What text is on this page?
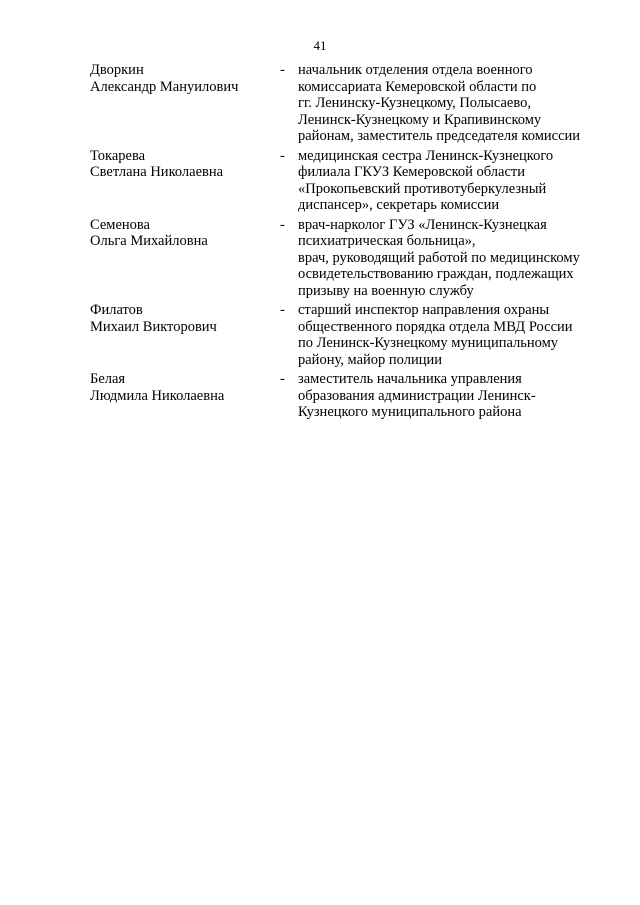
41
Дворкин
Александр Мануилович
- начальник отделения отдела военного
комиссариата Кемеровской области по
гг. Ленинску-Кузнецкому, Полысаево,
Ленинск-Кузнецкому и Крапивинскому
районам, заместитель председателя комиссии
Токарева
Светлана Николаевна
- медицинская сестра Ленинск-Кузнецкого
филиала ГКУЗ Кемеровской области
«Прокопьевский противотуберкулезный
диспансер», секретарь комиссии
Семенова
Ольга Михайловна
- врач-нарколог ГУЗ «Ленинск-Кузнецкая
психиатрическая больница»,
врач, руководящий работой по медицинскому
освидетельствованию граждан, подлежащих
призыву на военную службу
Филатов
Михаил Викторович
- старший инспектор направления охраны
общественного порядка отдела МВД России
по Ленинск-Кузнецкому муниципальному
району, майор полиции
Белая
Людмила Николаевна
- заместитель начальника управления
образования администрации Ленинск-
Кузнецкого муниципального района
